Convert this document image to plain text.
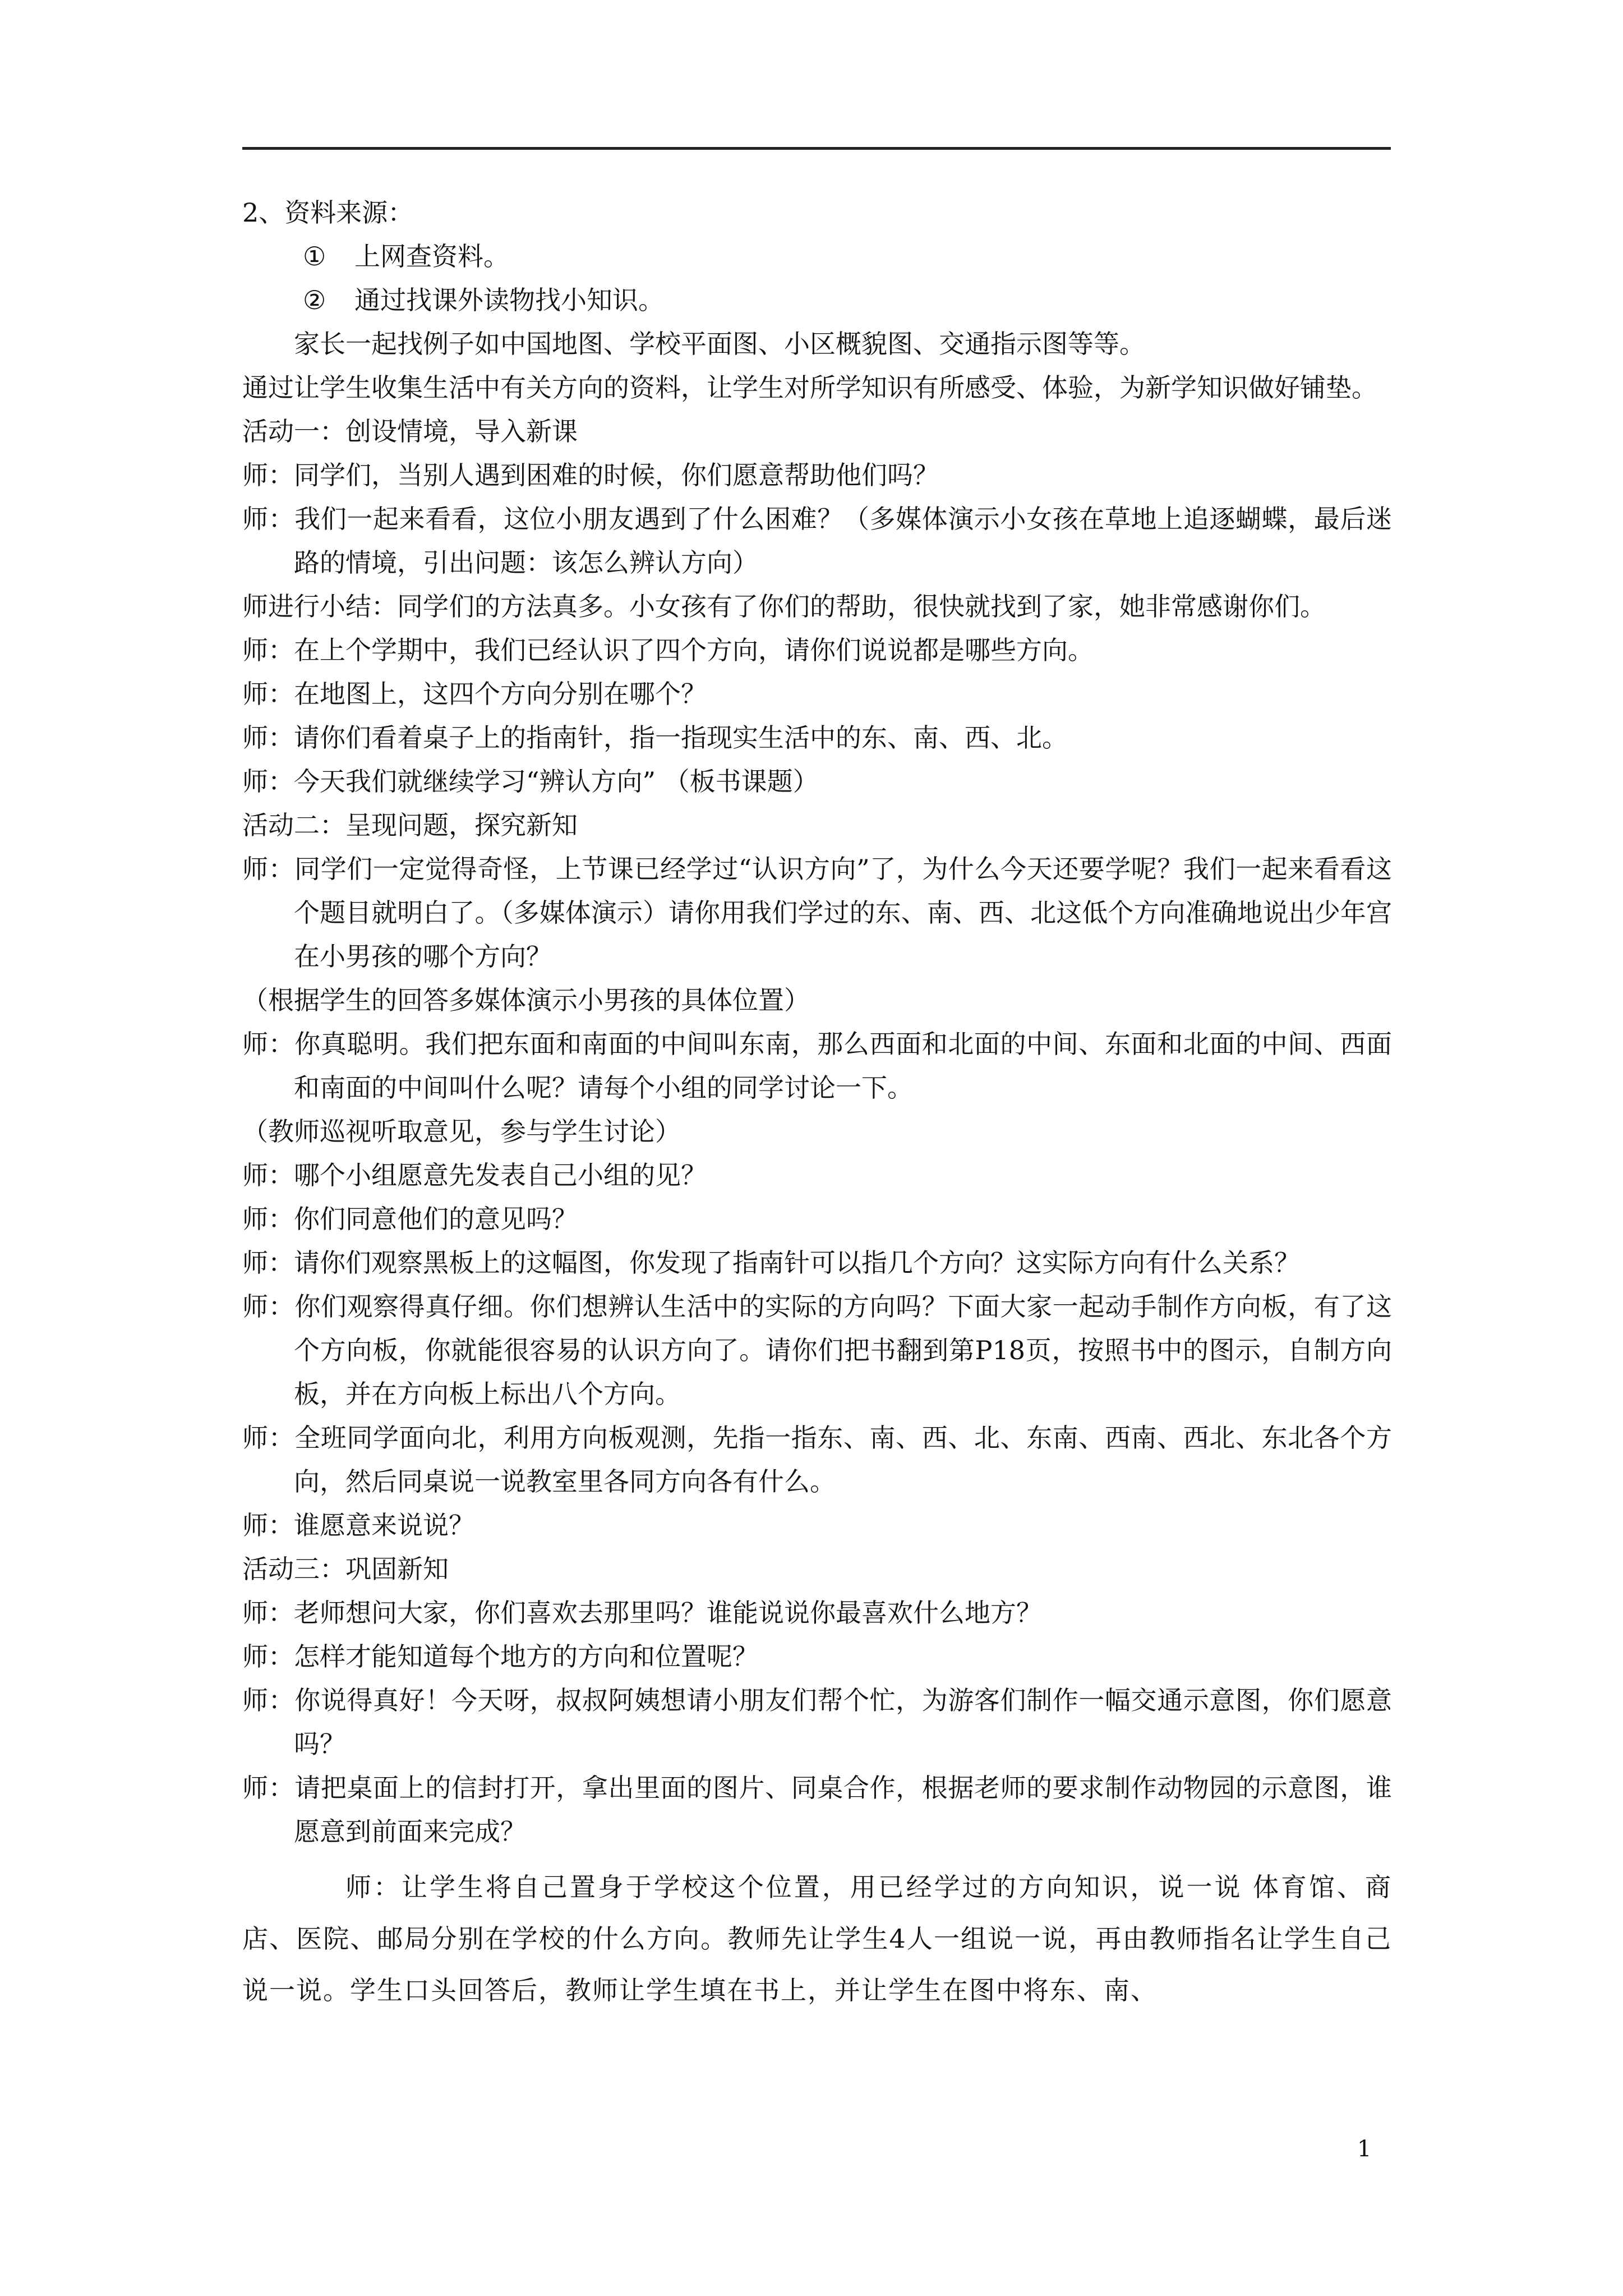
2、资料来源：

① 上网查资料。

② 通过找课外读物找小知识。

家长一起找例子如中国地图、学校平面图、小区概貌图、交通指示图等等。

通过让学生收集生活中有关方向的资料，让学生对所学知识有所感受、体验，为新学知识做好铺垫。

活动一：创设情境，导入新课

师：同学们，当别人遇到困难的时候，你们愿意帮助他们吗？

师：我们一起来看看，这位小朋友遇到了什么困难？（多媒体演示小女孩在草地上追逐蝴蝶，最后迷路的情境，引出问题：该怎么辨认方向）

师进行小结：同学们的方法真多。小女孩有了你们的帮助，很快就找到了家，她非常感谢你们。

师：在上个学期中，我们已经认识了四个方向，请你们说说都是哪些方向。

师：在地图上，这四个方向分别在哪个？

师：请你们看着桌子上的指南针，指一指现实生活中的东、南、西、北。

师：今天我们就继续学习“辨认方向” （板书课题）

活动二：呈现问题，探究新知

师：同学们一定觉得奇怪，上节课已经学过“认识方向”了，为什么今天还要学呢？我们一起来看看这个题目就明白了。（多媒体演示）请你用我们学过的东、南、西、北这低个方向准确地说出少年宫在小男孩的哪个方向？

（根据学生的回答多媒体演示小男孩的具体位置）

师：你真聪明。我们把东面和南面的中间叫东南，那么西面和北面的中间、东面和北面的中间、西面和南面的中间叫什么呢？请每个小组的同学讨论一下。

（教师巡视听取意见，参与学生讨论）

师：哪个小组愿意先发表自己小组的见？

师：你们同意他们的意见吗？

师：请你们观察黑板上的这幅图，你发现了指南针可以指几个方向？这实际方向有什么关系？

师：你们观察得真仔细。你们想辨认生活中的实际的方向吗？下面大家一起动手制作方向板，有了这个方向板，你就能很容易的认识方向了。请你们把书翻到第P18页，按照书中的图示，自制方向板，并在方向板上标出八个方向。

师：全班同学面向北，利用方向板观测，先指一指东、南、西、北、东南、西南、西北、东北各个方向，然后同桌说一说教室里各同方向各有什么。

师：谁愿意来说说？

活动三：巩固新知

师：老师想问大家，你们喜欢去那里吗？谁能说说你最喜欢什么地方？

师：怎样才能知道每个地方的方向和位置呢？

师：你说得真好！今天呀，叔叔阿姨想请小朋友们帮个忙，为游客们制作一幅交通示意图，你们愿意吗？

师：请把桌面上的信封打开，拿出里面的图片、同桌合作，根据老师的要求制作动物园的示意图，谁愿意到前面来完成？

师：让学生将自己置身于学校这个位置，用已经学过的方向知识，说一说 体育馆、商店、医院、邮局分别在学校的什么方向。教师先让学生4人一组说一说，再由教师指名让学生自己说一说。学生口头回答后，教师让学生填在书上，并让学生在图中将东、南、

1
